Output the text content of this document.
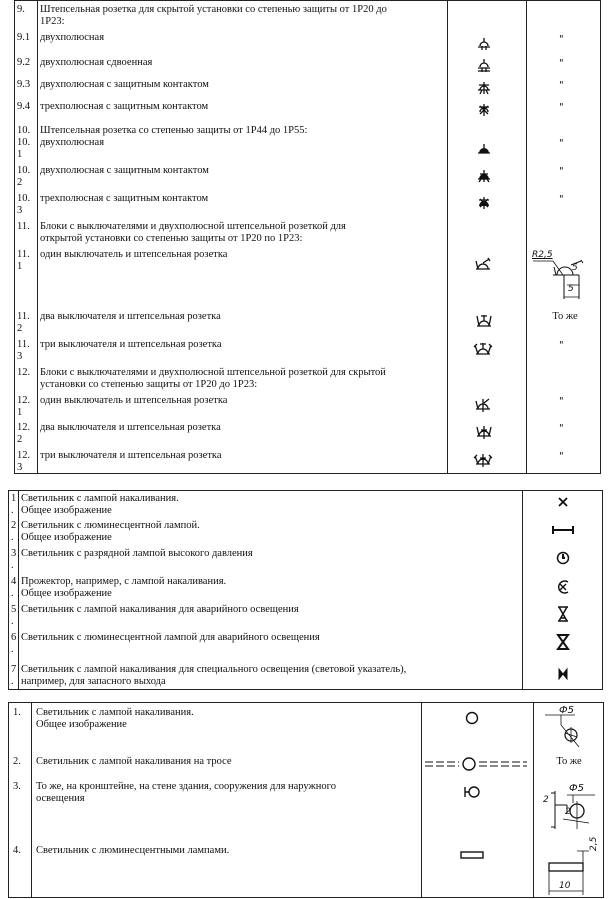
9. Штепсельная розетка для скрытой установки со степенью защиты от 1Р20 до
1Р23:
9.1 двухполюсная
9.2 двухполюсная сдвоенная
9.3 двухполюсная с защитным контактом
9.4 трехполюсная с защитным контактом
10. Штепсельная розетка со степенью защиты от 1Р44 до 1Р55:
10.
1
двухполюсная
10.
2
двухполюсная с защитным контактом
10.
3
трехполюсная с защитным контактом
11. Блоки с выключателями и двухполюсной штепсельной розеткой для
открытой установки со степенью защиты от 1Р20 по 1Р23:
11.
1
один выключатель и штепсельная розетка
11.
2
два выключателя и штепсельная розетка
11.
3
три выключателя и штепсельная розетка
12. Блоки с выключателями и двухполюсной штепсельной розеткой для скрытой
установки со степенью защиты от 1Р20 до 1Р23:
12.
1
один выключатель и штепсельная розетка
12.
2
два выключателя и штепсельная розетка
12.
3
три выключателя и штепсельная розетка
"
"
"
"
"
"
"
То же
"
"
"
"
R2,5
5
5
1
.
Светильник с лампой накаливания.
Общее изображение
2
.
Светильник с люминесцентной лампой.
Общее изображение
3
.
Светильник с разрядной лампой высокого давления
4
.
Прожектор, например, с лампой накаливания.
Общее изображение
5
.
Светильник с лампой накаливания для аварийного освещения
6
.
Светильник с люминесцентной лампой для аварийного освещения
7
.
Светильник с лампой накаливания для специального освещения (световой указатель),
например, для запасного выхода
1. Светильник с лампой накаливания.
Общее изображение
2. Светильник с лампой накаливания на тросе
3. То же, на кронштейне, на стене здания, сооружения для наружного
освещения
4. Светильник с люминесцентными лампами.
То же
Ф5
Ф5
2
2
2,5
10
